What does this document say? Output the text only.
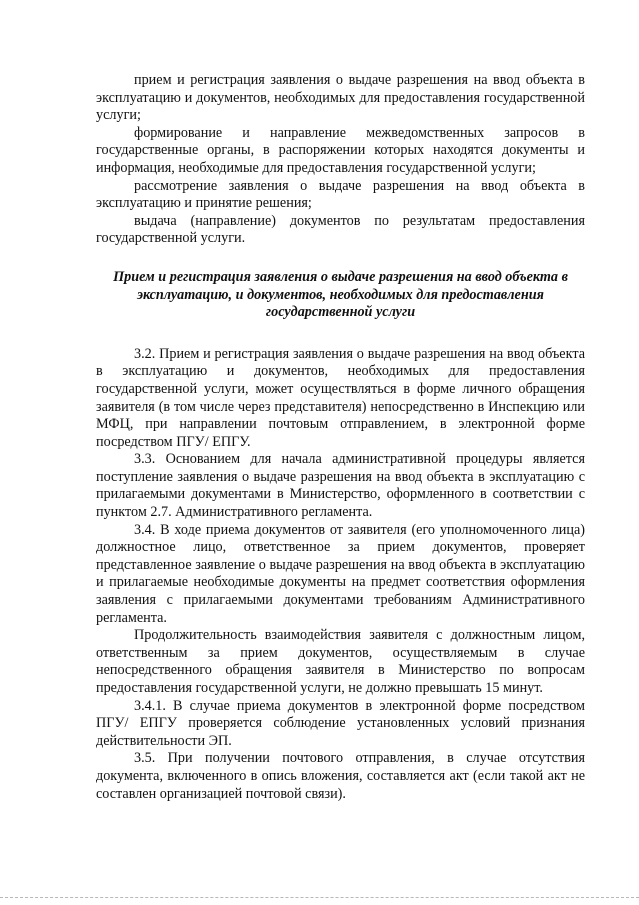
прием и регистрация заявления о выдаче разрешения на ввод объекта в эксплуатацию и документов, необходимых для предоставления государственной услуги;

формирование и направление межведомственных запросов в государственные органы, в распоряжении которых находятся документы и информация, необходимые для предоставления государственной услуги;

рассмотрение заявления о выдаче разрешения на ввод объекта в эксплуатацию и принятие решения;

выдача (направление) документов по результатам предоставления государственной услуги.

Прием и регистрация заявления о выдаче разрешения на ввод объекта в эксплуатацию, и документов, необходимых для предоставления государственной услуги

3.2. Прием и регистрация заявления о выдаче разрешения на ввод объекта в эксплуатацию и документов, необходимых для предоставления государственной услуги, может осуществляться в форме личного обращения заявителя (в том числе через представителя) непосредственно в Инспекцию или МФЦ, при направлении почтовым отправлением, в электронной форме посредством ПГУ/ ЕПГУ.

3.3. Основанием для начала административной процедуры является поступление заявления о выдаче разрешения на ввод объекта в эксплуатацию с прилагаемыми документами в Министерство, оформленного в соответствии с пунктом 2.7. Административного регламента.

3.4. В ходе приема документов от заявителя (его уполномоченного лица) должностное лицо, ответственное за прием документов, проверяет представленное заявление о выдаче разрешения на ввод объекта в эксплуатацию и прилагаемые необходимые документы на предмет соответствия оформления заявления с прилагаемыми документами требованиям Административного регламента.

Продолжительность взаимодействия заявителя с должностным лицом, ответственным за прием документов, осуществляемым в случае непосредственного обращения заявителя в Министерство по вопросам предоставления государственной услуги, не должно превышать 15 минут.

3.4.1. В случае приема документов в электронной форме посредством ПГУ/ ЕПГУ проверяется соблюдение установленных условий признания действительности ЭП.

3.5. При получении почтового отправления, в случае отсутствия документа, включенного в опись вложения, составляется акт (если такой акт не составлен организацией почтовой связи).
